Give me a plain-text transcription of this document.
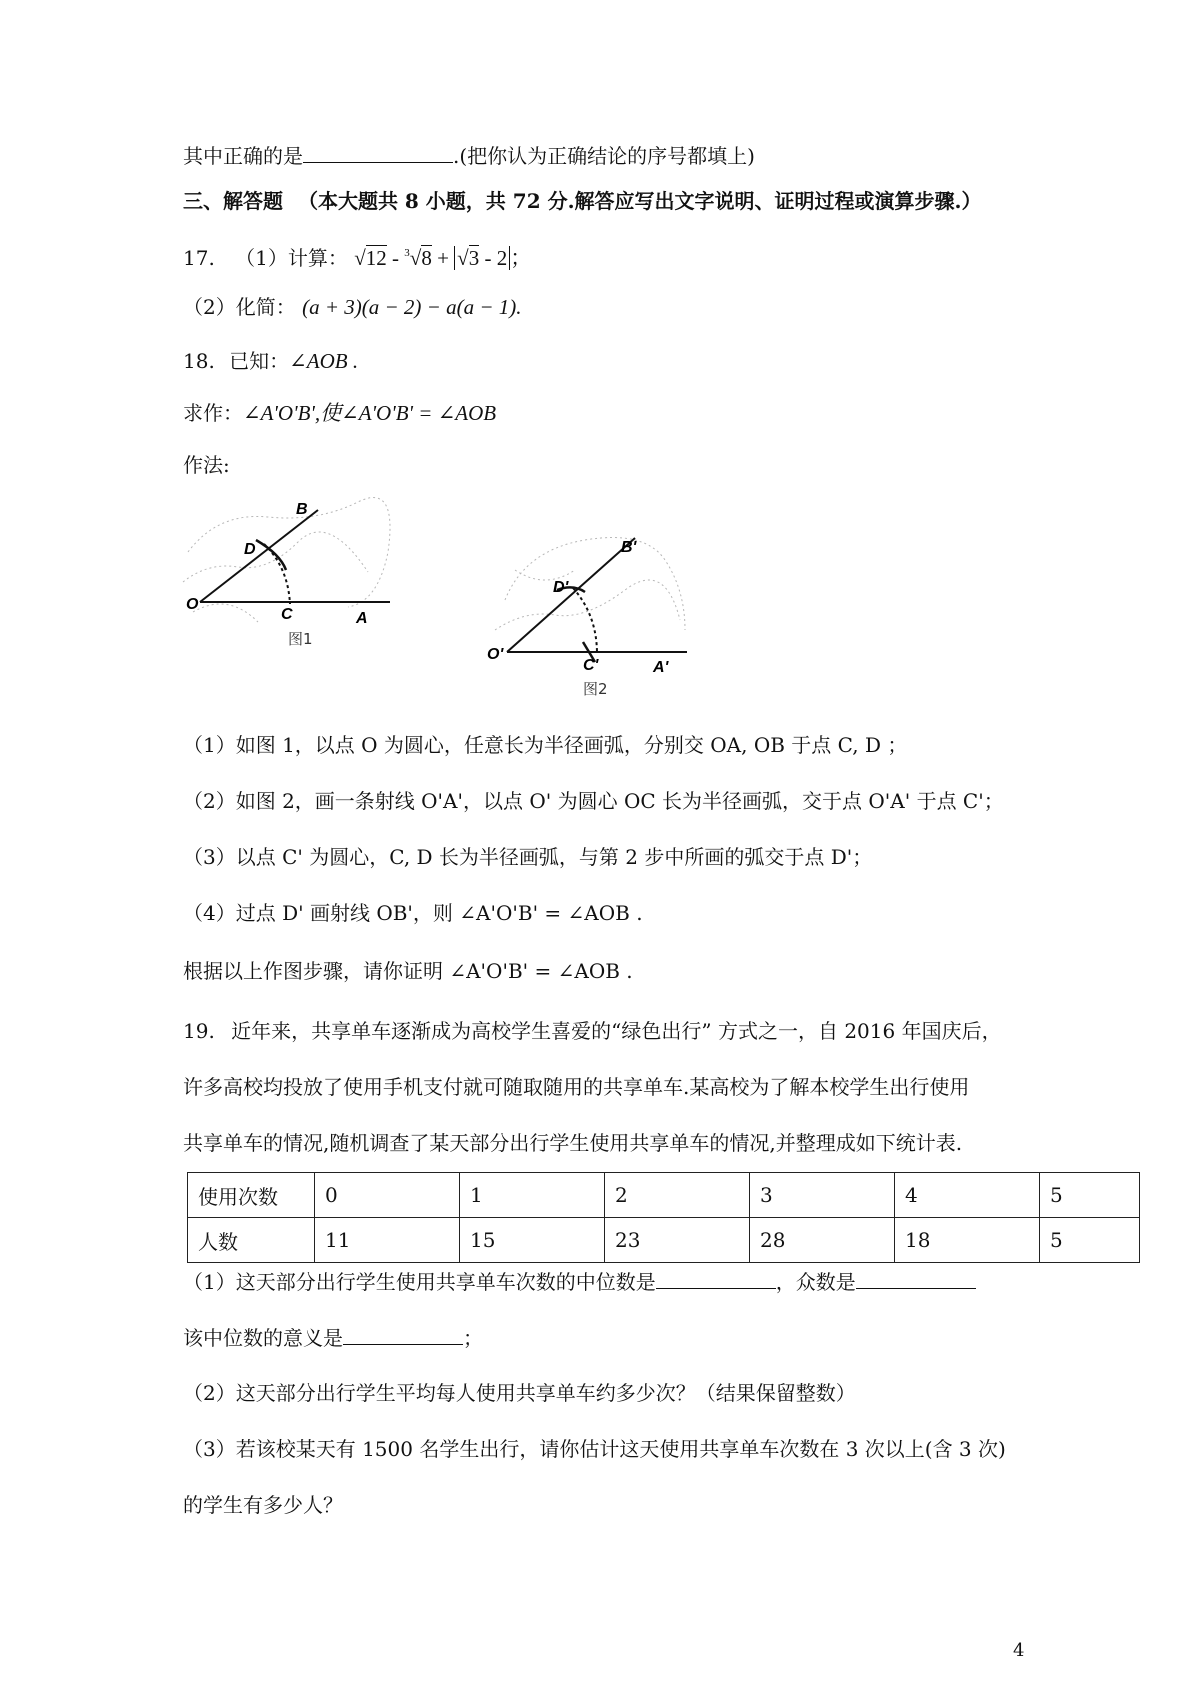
其中正确的是	.(把你认为正确结论的序号都填上)
三、解答题 （本大题共 8 小题，共 72 分.解答应写出文字说明、证明过程或演算步骤.）
17. （1）计算： √12 - $^3$√8 + √3 - 2 ；
（2）化简： (a + 3)(a − 2) − a(a − 1).
18. 已知：∠AOB .
求作：∠A'O'B',使∠A'O'B' = ∠AOB
作法:
O
A
B
C
D
图1
O'
A'
B'
C'
D'
图2
（1）如图 1，以点 O 为圆心，任意长为半径画弧，分别交 OA, OB 于点 C, D ；
（2）如图 2，画一条射线 O'A'，以点 O' 为圆心 OC 长为半径画弧，交于点 O'A' 于点 C'；
（3）以点 C' 为圆心，C, D 长为半径画弧，与第 2 步中所画的弧交于点 D'；
（4）过点 D' 画射线 OB'，则 ∠A'O'B' = ∠AOB .
根据以上作图步骤，请你证明 ∠A'O'B' = ∠AOB .
19. 近年来，共享单车逐渐成为高校学生喜爱的“绿色出行” 方式之一，自 2016 年国庆后，
许多高校均投放了使用手机支付就可随取随用的共享单车.某高校为了解本校学生出行使用
共享单车的情况,随机调查了某天部分出行学生使用共享单车的情况,并整理成如下统计表.
使用次数	0	1	2	3	4	5
人数	11	15	23	28	18	5
（1）这天部分出行学生使用共享单车次数的中位数是	，众数是
该中位数的意义是	；
（2）这天部分出行学生平均每人使用共享单车约多少次？（结果保留整数）
（3）若该校某天有 1500 名学生出行，请你估计这天使用共享单车次数在 3 次以上(含 3 次)
的学生有多少人？
4
